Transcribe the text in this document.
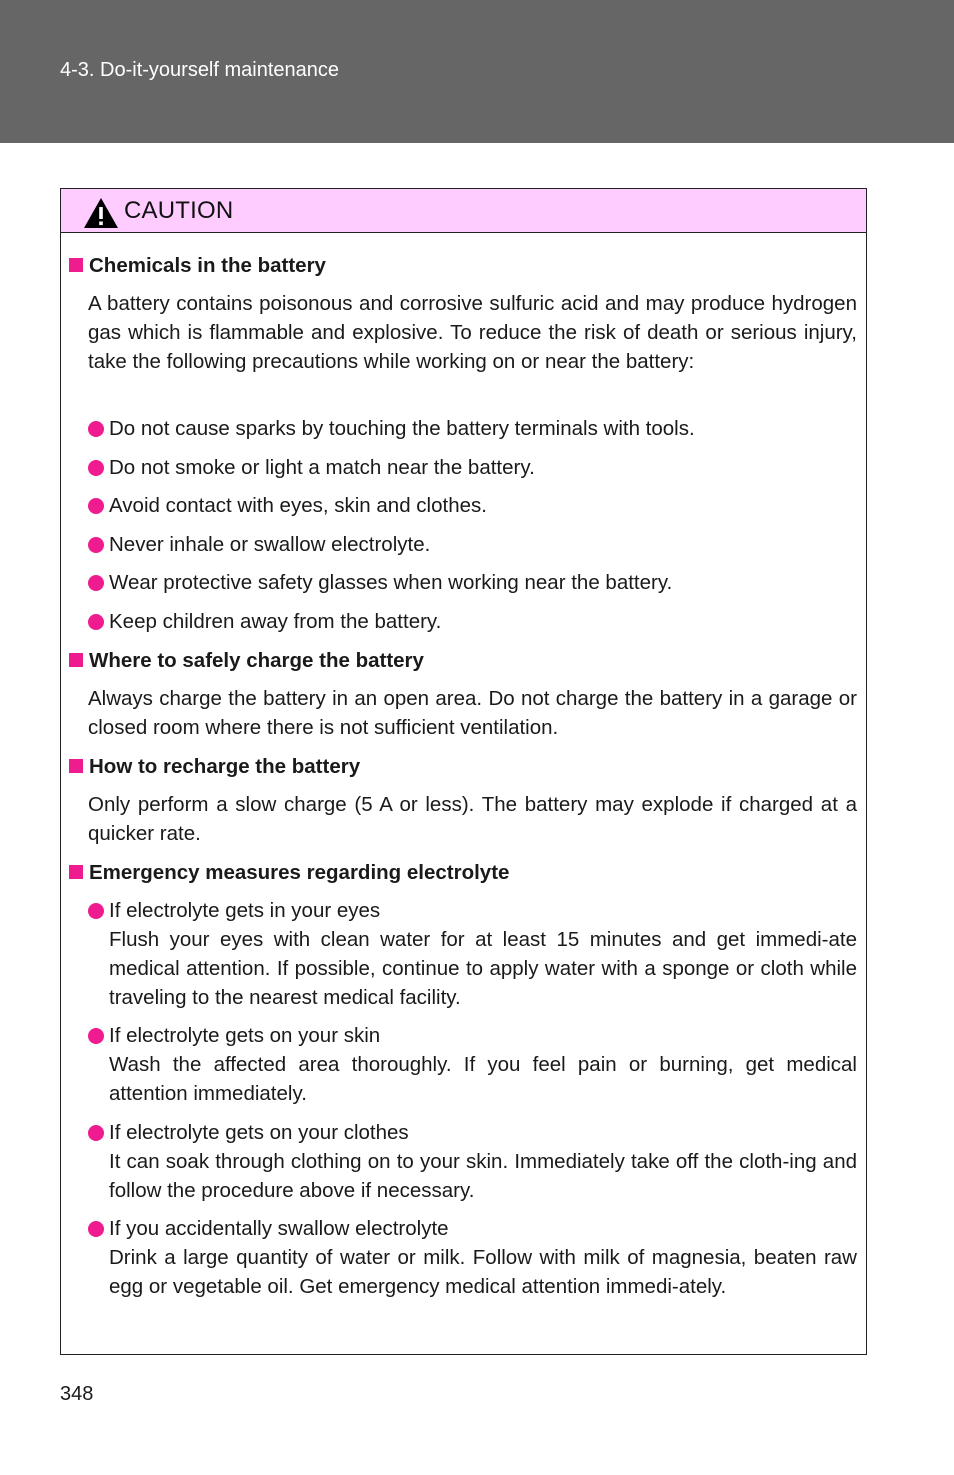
4-3. Do-it-yourself maintenance
CAUTION
Chemicals in the battery
A battery contains poisonous and corrosive sulfuric acid and may produce hydrogen gas which is flammable and explosive. To reduce the risk of death or serious injury, take the following precautions while working on or near the battery:
Do not cause sparks by touching the battery terminals with tools.
Do not smoke or light a match near the battery.
Avoid contact with eyes, skin and clothes.
Never inhale or swallow electrolyte.
Wear protective safety glasses when working near the battery.
Keep children away from the battery.
Where to safely charge the battery
Always charge the battery in an open area. Do not charge the battery in a garage or closed room where there is not sufficient ventilation.
How to recharge the battery
Only perform a slow charge (5 A or less). The battery may explode if charged at a quicker rate.
Emergency measures regarding electrolyte
If electrolyte gets in your eyes
Flush your eyes with clean water for at least 15 minutes and get immedi-ate medical attention. If possible, continue to apply water with a sponge or cloth while traveling to the nearest medical facility.
If electrolyte gets on your skin
Wash the affected area thoroughly. If you feel pain or burning, get medical attention immediately.
If electrolyte gets on your clothes
It can soak through clothing on to your skin. Immediately take off the cloth-ing and follow the procedure above if necessary.
If you accidentally swallow electrolyte
Drink a large quantity of water or milk. Follow with milk of magnesia, beaten raw egg or vegetable oil. Get emergency medical attention immedi-ately.
348
